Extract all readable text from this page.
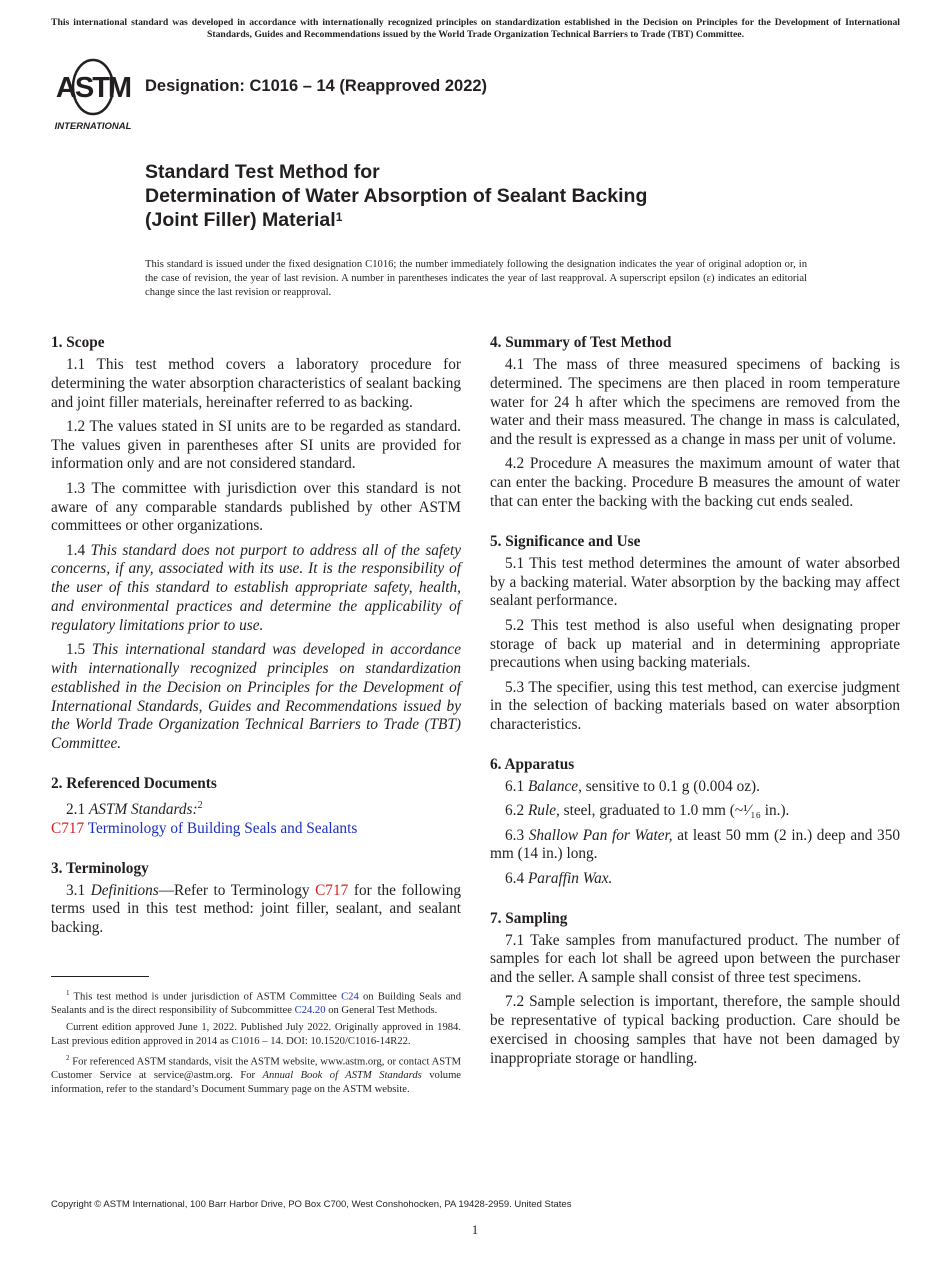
This international standard was developed in accordance with internationally recognized principles on standardization established in the Decision on Principles for the Development of International Standards, Guides and Recommendations issued by the World Trade Organization Technical Barriers to Trade (TBT) Committee.
ASTM
INTERNATIONAL
Designation: C1016 – 14 (Reapproved 2022)
Standard Test Method for
Determination of Water Absorption of Sealant Backing
(Joint Filler) Material$^1$
This standard is issued under the fixed designation C1016; the number immediately following the designation indicates the year of original adoption or, in the case of revision, the year of last revision. A number in parentheses indicates the year of last reapproval. A superscript epsilon (ε) indicates an editorial change since the last revision or reapproval.
1. Scope

1.1 This test method covers a laboratory procedure for determining the water absorption characteristics of sealant backing and joint filler materials, hereinafter referred to as backing.

1.2 The values stated in SI units are to be regarded as standard. The values given in parentheses after SI units are provided for information only and are not considered standard.

1.3 The committee with jurisdiction over this standard is not aware of any comparable standards published by other ASTM committees or other organizations.

1.4 This standard does not purport to address all of the safety concerns, if any, associated with its use. It is the responsibility of the user of this standard to establish appropriate safety, health, and environmental practices and determine the applicability of regulatory limitations prior to use.

1.5 This international standard was developed in accordance with internationally recognized principles on standardization established in the Decision on Principles for the Development of International Standards, Guides and Recommendations issued by the World Trade Organization Technical Barriers to Trade (TBT) Committee.

2. Referenced Documents

2.1 ASTM Standards:$^2$

C717 Terminology of Building Seals and Sealants

3. Terminology

3.1 Definitions—Refer to Terminology C717 for the following terms used in this test method: joint filler, sealant, and sealant backing.

4. Summary of Test Method

4.1 The mass of three measured specimens of backing is determined. The specimens are then placed in room temperature water for 24 h after which the specimens are removed from the water and their mass measured. The change in mass is calculated, and the result is expressed as a change in mass per unit of volume.

4.2 Procedure A measures the maximum amount of water that can enter the backing. Procedure B measures the amount of water that can enter the backing with the backing cut ends sealed.

5. Significance and Use

5.1 This test method determines the amount of water absorbed by a backing material. Water absorption by the backing may affect sealant performance.

5.2 This test method is also useful when designating proper storage of back up material and in determining appropriate precautions when using backing materials.

5.3 The specifier, using this test method, can exercise judgment in the selection of backing materials based on water absorption characteristics.

6. Apparatus

6.1 Balance, sensitive to 0.1 g (0.004 oz).

6.2 Rule, steel, graduated to 1.0 mm (~¹⁄₁₆ in.).

6.3 Shallow Pan for Water, at least 50 mm (2 in.) deep and 350 mm (14 in.) long.

6.4 Paraffin Wax.

7. Sampling

7.1 Take samples from manufactured product. The number of samples for each lot shall be agreed upon between the purchaser and the seller. A sample shall consist of three test specimens.

7.2 Sample selection is important, therefore, the sample should be representative of typical backing production. Care should be exercised in choosing samples that have not been damaged by inappropriate storage or handling.

$^1$ This test method is under jurisdiction of ASTM Committee C24 on Building Seals and Sealants and is the direct responsibility of Subcommittee C24.20 on General Test Methods.

Current edition approved June 1, 2022. Published July 2022. Originally approved in 1984. Last previous edition approved in 2014 as C1016 – 14. DOI: 10.1520/C1016-14R22.

$^2$ For referenced ASTM standards, visit the ASTM website, www.astm.org, or contact ASTM Customer Service at service@astm.org. For Annual Book of ASTM Standards volume information, refer to the standard’s Document Summary page on the ASTM website.

Copyright © ASTM International, 100 Barr Harbor Drive, PO Box C700, West Conshohocken, PA 19428-2959. United States
1
